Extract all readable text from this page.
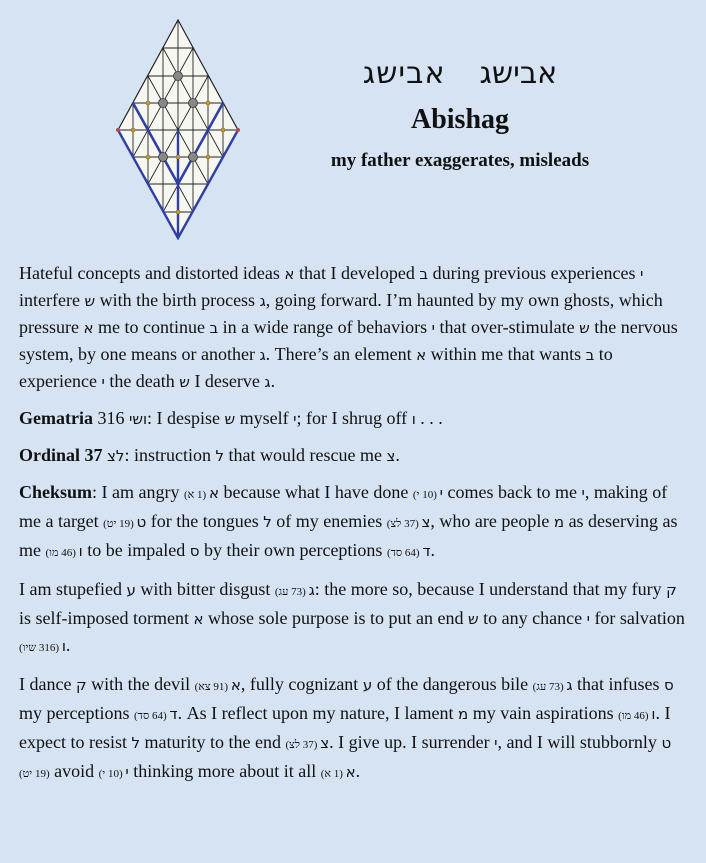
ג‎ש‎י‎ב‎א אבישג
Abishag
my father exaggerates, misleads

Hateful concepts and distorted ideas א that I developed ב during previous experiences י interfere ש with the birth process ג, going forward. I’m haunted by my own ghosts, which pressure א me to continue ב in a wide range of behaviors י that over-stimulate ש the nervous system, by one means or another ג. There’s an element א within me that wants ב to experience י the death ש I deserve ג.

Gematria 316 ושי: I despise ש myself י; for I shrug off ו . . .

Ordinal 37 לצ: instruction ל that would rescue me צ.

Cheksum: I am angry א (1 א) because what I have done י (10 י) comes back to me י, making of me a target ט (19 יט) for the tongues ל of my enemies צ (37 לצ) , who are people מ as deserving as me ו (46 מו) to be impaled ס by their own perceptions ד (64 סד) .

I am stupefied ע with bitter disgust ג (73 עג) : the more so, because I understand that my fury ק is self-imposed torment א whose sole purpose is to put an end ש to any chance י for salvation ו (316 שיו) .

I dance ק with the devil א (91 צא) , fully cognizant ע of the dangerous bile ג (73 עג) that infuses ס my perceptions ד (64 סד) . As I reflect upon my nature, I lament מ my vain aspirations ו (46 מו) . I expect to resist ל maturity to the end צ (37 לצ) . I give up. I surrender י, and I will stubbornly ט (19 יט) avoid י (10 י) thinking more about it all א (1 א) .
